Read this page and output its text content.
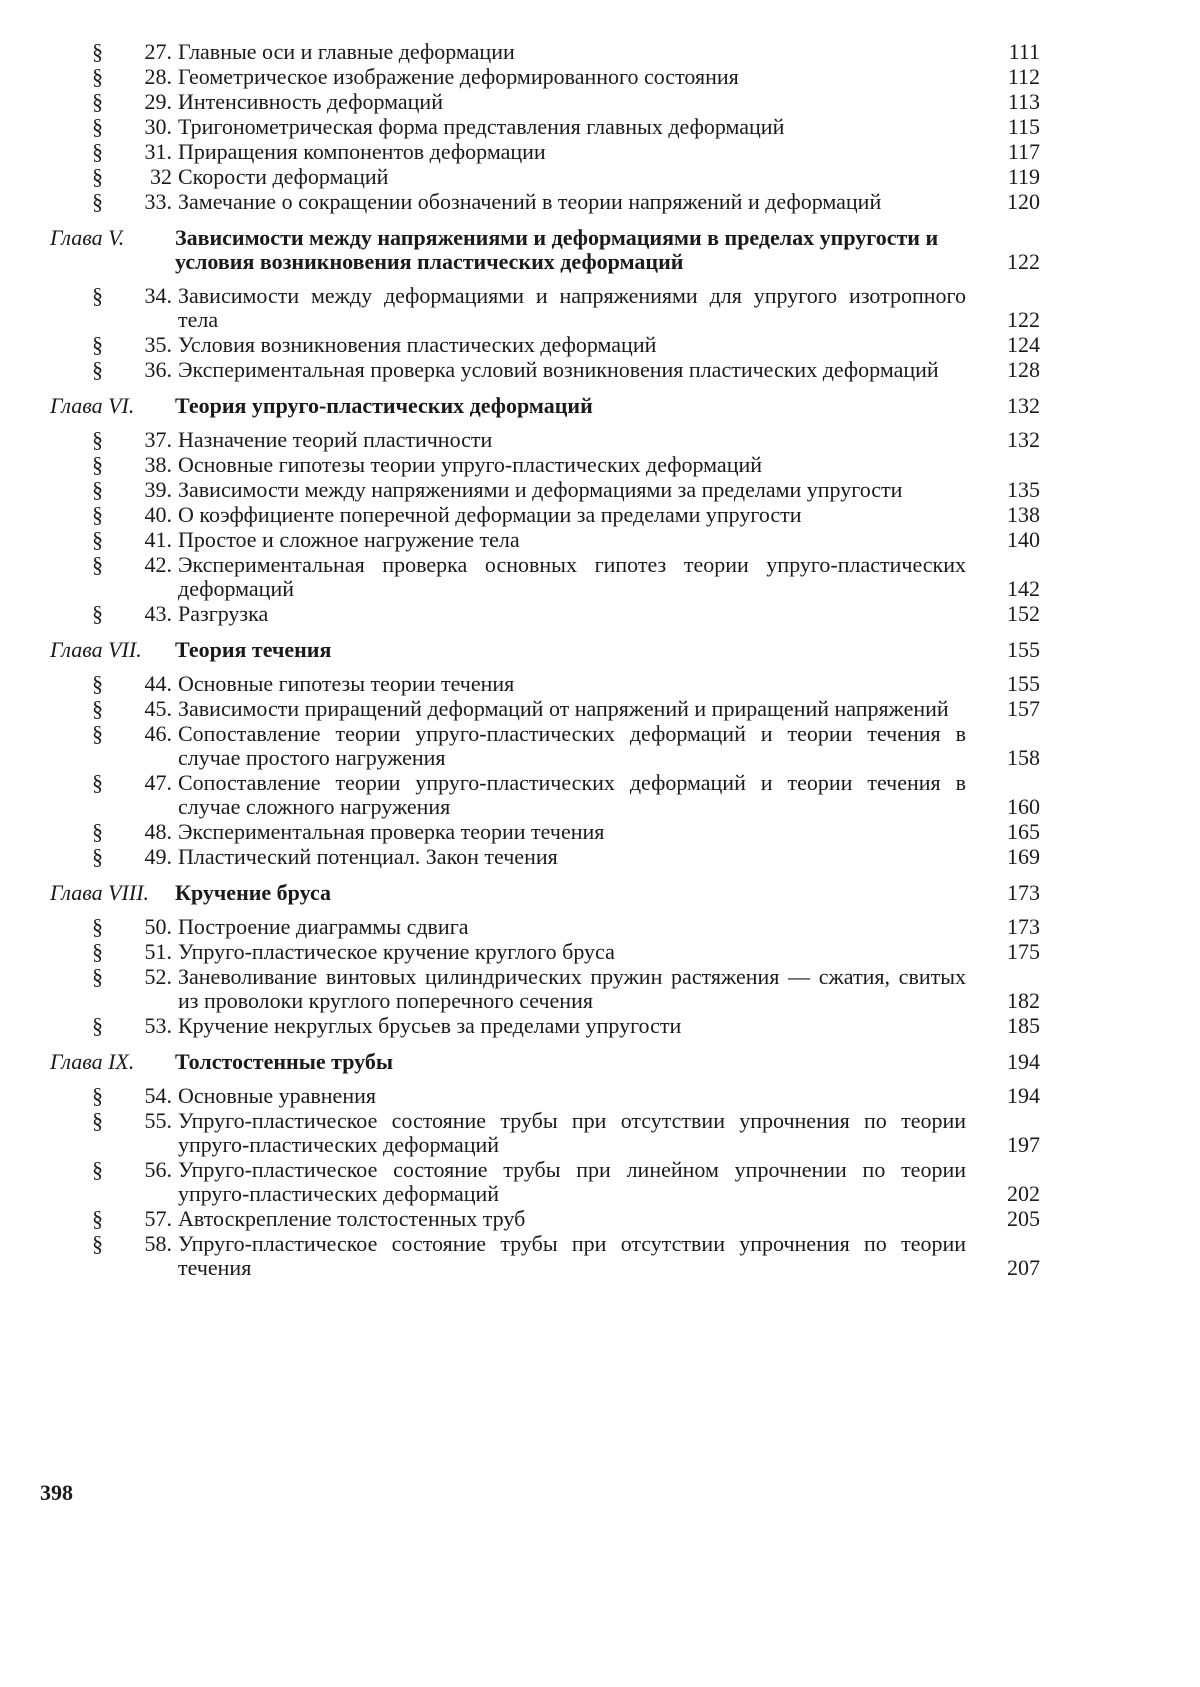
§	27. Главные оси и главные деформации	111
§	28. Геометрическое изображение деформированного состояния	112
§	29. Интенсивность деформаций	113
§	30. Тригонометрическая форма представления главных деформаций	115
§	31. Приращения компонентов деформации	117
§	32 Скорости деформаций	119
§	33. Замечание о сокращении обозначений в теории напряжений и деформаций	120
Глава V. Зависимости между напряжениями и деформациями в пределах упругости и условия возникновения пластических деформаций	122
§	34. Зависимости между деформациями и напряжениями для упругого изотропного тела	122
§	35. Условия возникновения пластических деформаций	124
§	36. Экспериментальная проверка условий возникновения пластических деформаций	128
Глава VI. Теория упруго-пластических деформаций	132
§	37. Назначение теорий пластичности	132
§	38. Основные гипотезы теории упруго-пластических деформаций
§	39. Зависимости между напряжениями и деформациями за пределами упругости	135
§	40. О коэффициенте поперечной деформации за пределами упругости	138
§	41. Простое и сложное нагружение тела	140
§	42. Экспериментальная проверка основных гипотез теории упруго-пластических деформаций	142
§	43. Разгрузка	152
Глава VII. Теория течения	155
§	44. Основные гипотезы теории течения	155
§	45. Зависимости приращений деформаций от напряжений и приращений напряжений	157
§	46. Сопоставление теории упруго-пластических деформаций и теории течения в случае простого нагружения	158
§	47. Сопоставление теории упруго-пластических деформаций и теории течения в случае сложного нагружения	160
§	48. Экспериментальная проверка теории течения	165
§	49. Пластический потенциал. Закон течения	169
Глава VIII. Кручение бруса	173
§	50. Построение диаграммы сдвига	173
§	51. Упруго-пластическое кручение круглого бруса	175
§	52. Заневоливание винтовых цилиндрических пружин растяжения — сжатия, свитых из проволоки круглого поперечного сечения	182
§	53. Кручение некруглых брусьев за пределами упругости	185
Глава IX. Толстостенные трубы	194
§	54. Основные уравнения	194
§	55. Упруго-пластическое состояние трубы при отсутствии упрочнения по теории упруго-пластических деформаций	197
§	56. Упруго-пластическое состояние трубы при линейном упрочнении по теории упруго-пластических деформаций	202
§	57. Автоскрепление толстостенных труб	205
§	58. Упруго-пластическое состояние трубы при отсутствии упрочнения по теории течения	207
398
